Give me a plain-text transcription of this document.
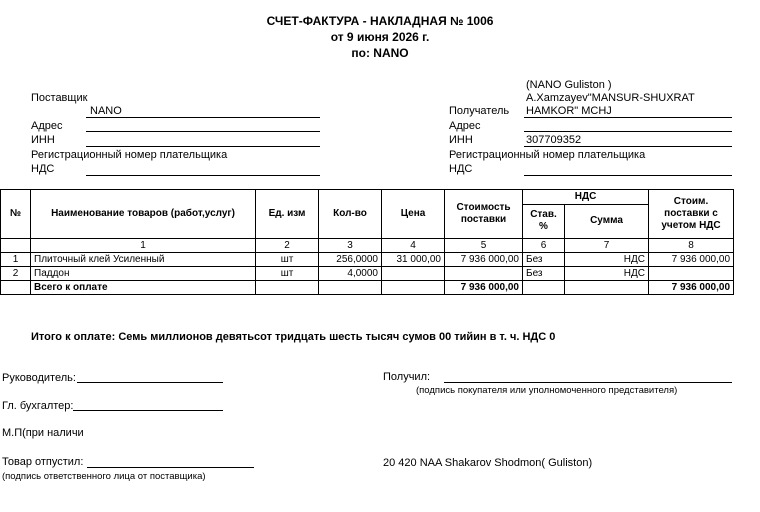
СЧЕТ-ФАКТУРА - НАКЛАДНАЯ № 1006
от 9 июня 2026 г.
по: NANO
Поставщик
NANO
Адрес
ИНН
Регистрационный номер плательщика
НДС
(NANO Guliston )
A.Xamzayev"MANSUR-SHUXRAT
Получатель HAMKOR" MCHJ
Адрес
ИНН	307709352
Регистрационный номер плательщика
НДС
№	Наименование товаров (работ,услуг)	Ед. изм	Кол-во	Цена	Стоимость поставки	НДС		Стоим. поставки с учетом НДС
						Став. %	Сумма	
	1	2	3	4	5	6	7	8
1	Плиточный клей Усиленный	шт	256,0000	31 000,00	7 936 000,00	Без	НДС	7 936 000,00
2	Паддон	шт	4,0000			Без	НДС	
	Всего к оплате				7 936 000,00			7 936 000,00
Итого к оплате: Семь миллионов девятьсот тридцать шесть тысяч сумов 00 тийин в т. ч. НДС 0
Руководитель:
Гл. бухгалтер:
М.П(при наличи
Товар отпустил:
(подпись ответственного лица от поставщика)
Получил:
(подпись покупателя или уполномоченного представителя)
20 420 NAA Shakarov Shodmon( Guliston)
